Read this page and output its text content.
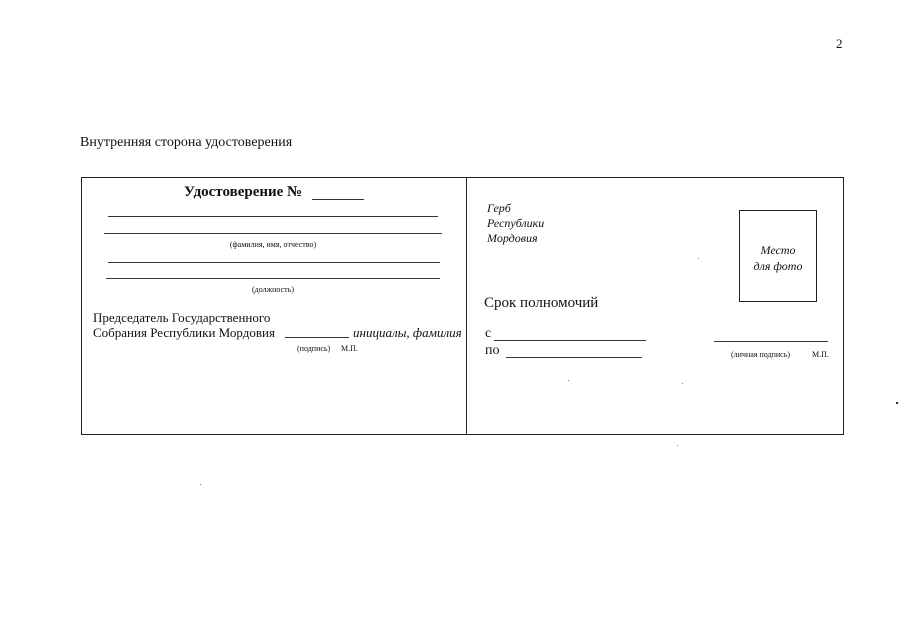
2
Внутренняя сторона удостоверения
Удостоверение №
(фамилия, имя, отчество)
(должность)
Председатель Государственного
Собрания Республики Мордовия	инициалы, фамилия
(подпись) М.П.
Герб
Республики
Мордовия
Место
для фото
Срок полномочий
с
по	(личная подпись)	М.П.
